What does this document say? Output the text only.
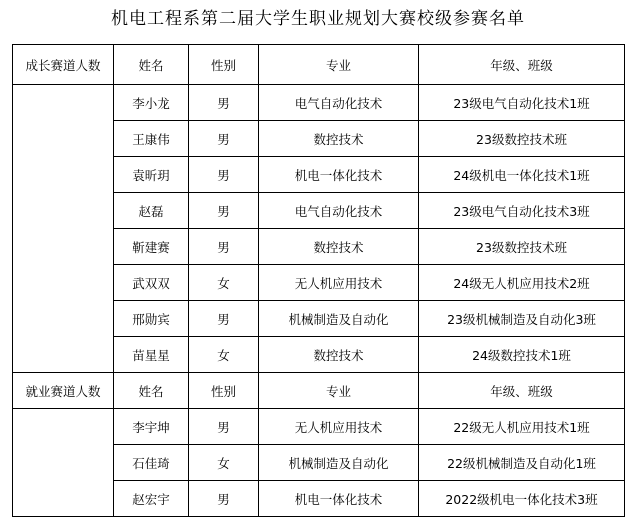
机电工程系第二届大学生职业规划大赛校级参赛名单
成长赛道人数	姓名	性别	专业	年级、班级
	李小龙	男	电气自动化技术	23级电气自动化技术1班
	王康伟	男	数控技术	23级数控技术班
	袁昕玥	男	机电一体化技术	24级机电一体化技术1班
	赵磊	男	电气自动化技术	23级电气自动化技术3班
	靳建赛	男	数控技术	23级数控技术班
	武双双	女	无人机应用技术	24级无人机应用技术2班
	邢勋宾	男	机械制造及自动化	23级机械制造及自动化3班
	苗星星	女	数控技术	24级数控技术1班
就业赛道人数	姓名	性别	专业	年级、班级
	李宇坤	男	无人机应用技术	22级无人机应用技术1班
	石佳琦	女	机械制造及自动化	22级机械制造及自动化1班
	赵宏宇	男	机电一体化技术	2022级机电一体化技术3班
